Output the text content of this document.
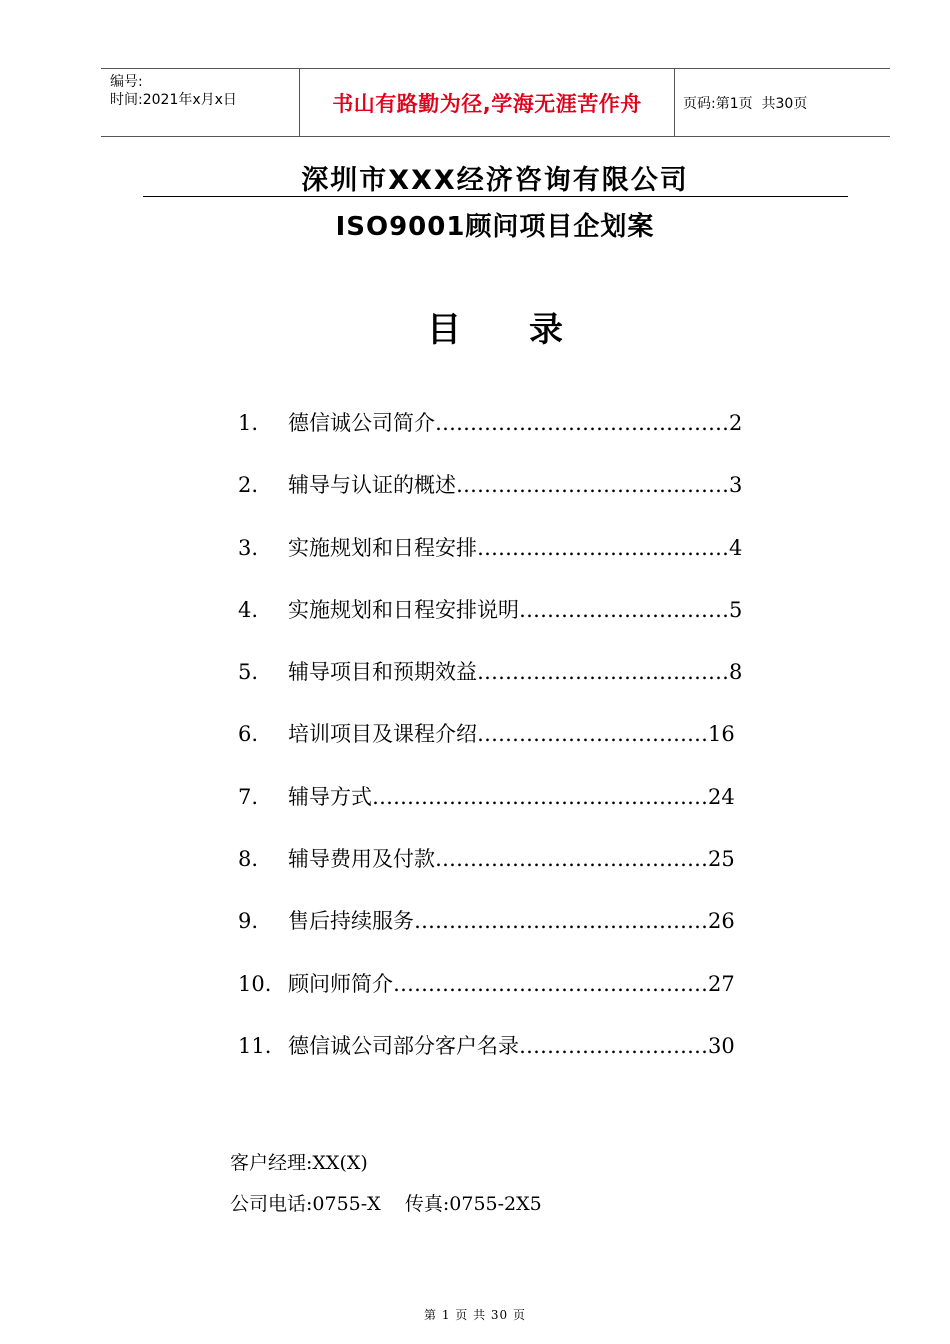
编号:
时间:2021年x月x日	书山有路勤为径,学海无涯苦作舟	页码:第1页  共30页
深圳市XXX经济咨询有限公司
ISO9001顾问项目企划案
目　　录
1.	德信诚公司简介……………………………………2
2.	辅导与认证的概述…………………………………3
3.	实施规划和日程安排………………………………4
4.	实施规划和日程安排说明…………………………5
5.	辅导项目和预期效益………………………………8
6.	培训项目及课程介绍……………………………16
7.	辅导方式…………………………………………24
8.	辅导费用及付款…………………………………25
9.	售后持续服务……………………………………26
10. 顾问师简介………………………………………27
11. 德信诚公司部分客户名录………………………30
客户经理:XX(X)
公司电话:0755-X    传真:0755-2X5
第 1 页 共 30 页
